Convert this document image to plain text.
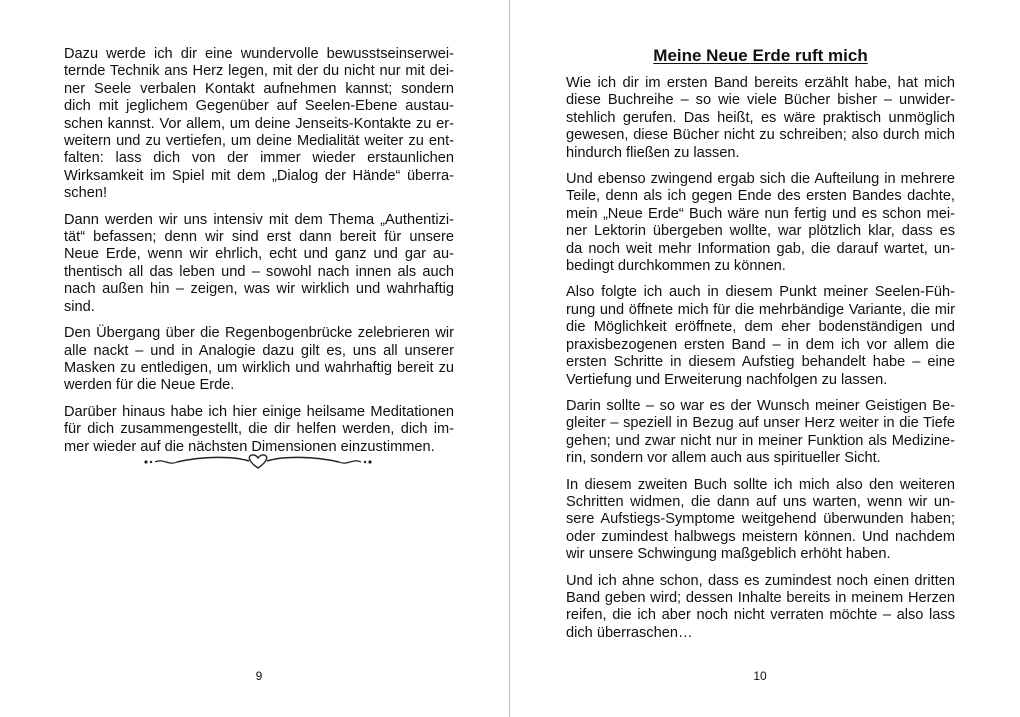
Dazu werde ich dir eine wundervolle bewusstseinserwei-
ternde Technik ans Herz legen, mit der du nicht nur mit dei-
ner Seele verbalen Kontakt aufnehmen kannst; sondern
dich mit jeglichem Gegenüber auf Seelen-Ebene austau-
schen kannst. Vor allem, um deine Jenseits-Kontakte zu er-
weitern und zu vertiefen, um deine Medialität weiter zu ent-
falten: lass dich von der immer wieder erstaunlichen
Wirksamkeit im Spiel mit dem „Dialog der Hände“ überra-
schen!
Dann werden wir uns intensiv mit dem Thema „Authentizi-
tät“ befassen; denn wir sind erst dann bereit für unsere
Neue Erde, wenn wir ehrlich, echt und ganz und gar au-
thentisch all das leben und – sowohl nach innen als auch
nach außen hin – zeigen, was wir wirklich und wahrhaftig
sind.
Den Übergang über die Regenbogenbrücke zelebrieren wir
alle nackt – und in Analogie dazu gilt es, uns all unserer
Masken zu entledigen, um wirklich und wahrhaftig bereit zu
werden für die Neue Erde.
Darüber hinaus habe ich hier einige heilsame Meditationen
für dich zusammengestellt, die dir helfen werden, dich im-
mer wieder auf die nächsten Dimensionen einzustimmen.
9
Meine Neue Erde ruft mich
Wie ich dir im ersten Band bereits erzählt habe, hat mich
diese Buchreihe – so wie viele Bücher bisher – unwider-
stehlich gerufen. Das heißt, es wäre praktisch unmöglich
gewesen, diese Bücher nicht zu schreiben; also durch mich
hindurch fließen zu lassen.
Und ebenso zwingend ergab sich die Aufteilung in mehrere
Teile, denn als ich gegen Ende des ersten Bandes dachte,
mein „Neue Erde“ Buch wäre nun fertig und es schon mei-
ner Lektorin übergeben wollte, war plötzlich klar, dass es
da noch weit mehr Information gab, die darauf wartet, un-
bedingt durchkommen zu können.
Also folgte ich auch in diesem Punkt meiner Seelen-Füh-
rung und öffnete mich für die mehrbändige Variante, die mir
die Möglichkeit eröffnete, dem eher bodenständigen und
praxisbezogenen ersten Band – in dem ich vor allem die
ersten Schritte in diesem Aufstieg behandelt habe – eine
Vertiefung und Erweiterung nachfolgen zu lassen.
Darin sollte – so war es der Wunsch meiner Geistigen Be-
gleiter – speziell in Bezug auf unser Herz weiter in die Tiefe
gehen; und zwar nicht nur in meiner Funktion als Medizine-
rin, sondern vor allem auch aus spiritueller Sicht.
In diesem zweiten Buch sollte ich mich also den weiteren
Schritten widmen, die dann auf uns warten, wenn wir un-
sere Aufstiegs-Symptome weitgehend überwunden haben;
oder zumindest halbwegs meistern können. Und nachdem
wir unsere Schwingung maßgeblich erhöht haben.
Und ich ahne schon, dass es zumindest noch einen dritten
Band geben wird; dessen Inhalte bereits in meinem Herzen
reifen, die ich aber noch nicht verraten möchte – also lass
dich überraschen…
10
